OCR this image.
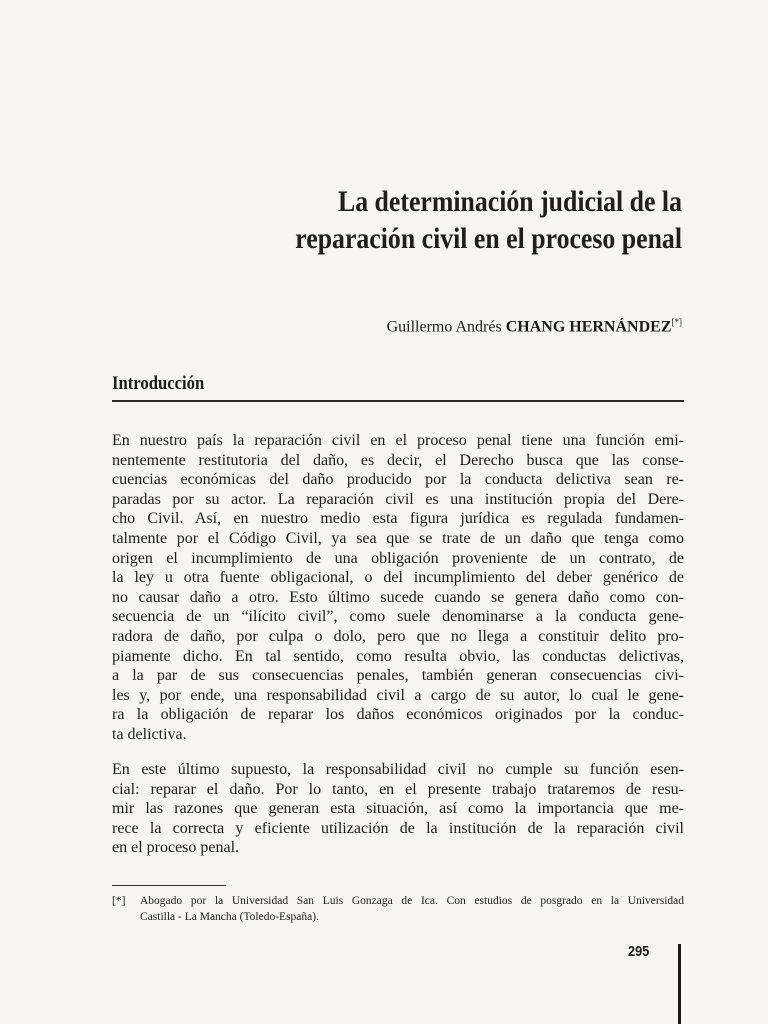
La determinación judicial de la
reparación civil en el proceso penal
Guillermo Andrés CHANG HERNÁNDEZ[*]
Introducción
En nuestro país la reparación civil en el proceso penal tiene una función emi-
nentemente restitutoria del daño, es decir, el Derecho busca que las conse-
cuencias económicas del daño producido por la conducta delictiva sean re-
paradas por su actor. La reparación civil es una institución propia del Dere-
cho Civil. Así, en nuestro medio esta figura jurídica es regulada fundamen-
talmente por el Código Civil, ya sea que se trate de un daño que tenga como
origen el incumplimiento de una obligación proveniente de un contrato, de
la ley u otra fuente obligacional, o del incumplimiento del deber genérico de
no causar daño a otro. Esto último sucede cuando se genera daño como con-
secuencia de un “ilícito civil”, como suele denominarse a la conducta gene-
radora de daño, por culpa o dolo, pero que no llega a constituir delito pro-
piamente dicho. En tal sentido, como resulta obvio, las conductas delictivas,
a la par de sus consecuencias penales, también generan consecuencias civi-
les y, por ende, una responsabilidad civil a cargo de su autor, lo cual le gene-
ra la obligación de reparar los daños económicos originados por la conduc-
ta delictiva.
En este último supuesto, la responsabilidad civil no cumple su función esen-
cial: reparar el daño. Por lo tanto, en el presente trabajo trataremos de resu-
mir las razones que generan esta situación, así como la importancia que me-
rece la correcta y eficiente utilización de la institución de la reparación civil
en el proceso penal.
[*] Abogado por la Universidad San Luis Gonzaga de Ica. Con estudios de posgrado en la Universidad
Castilla - La Mancha (Toledo-España).
295
